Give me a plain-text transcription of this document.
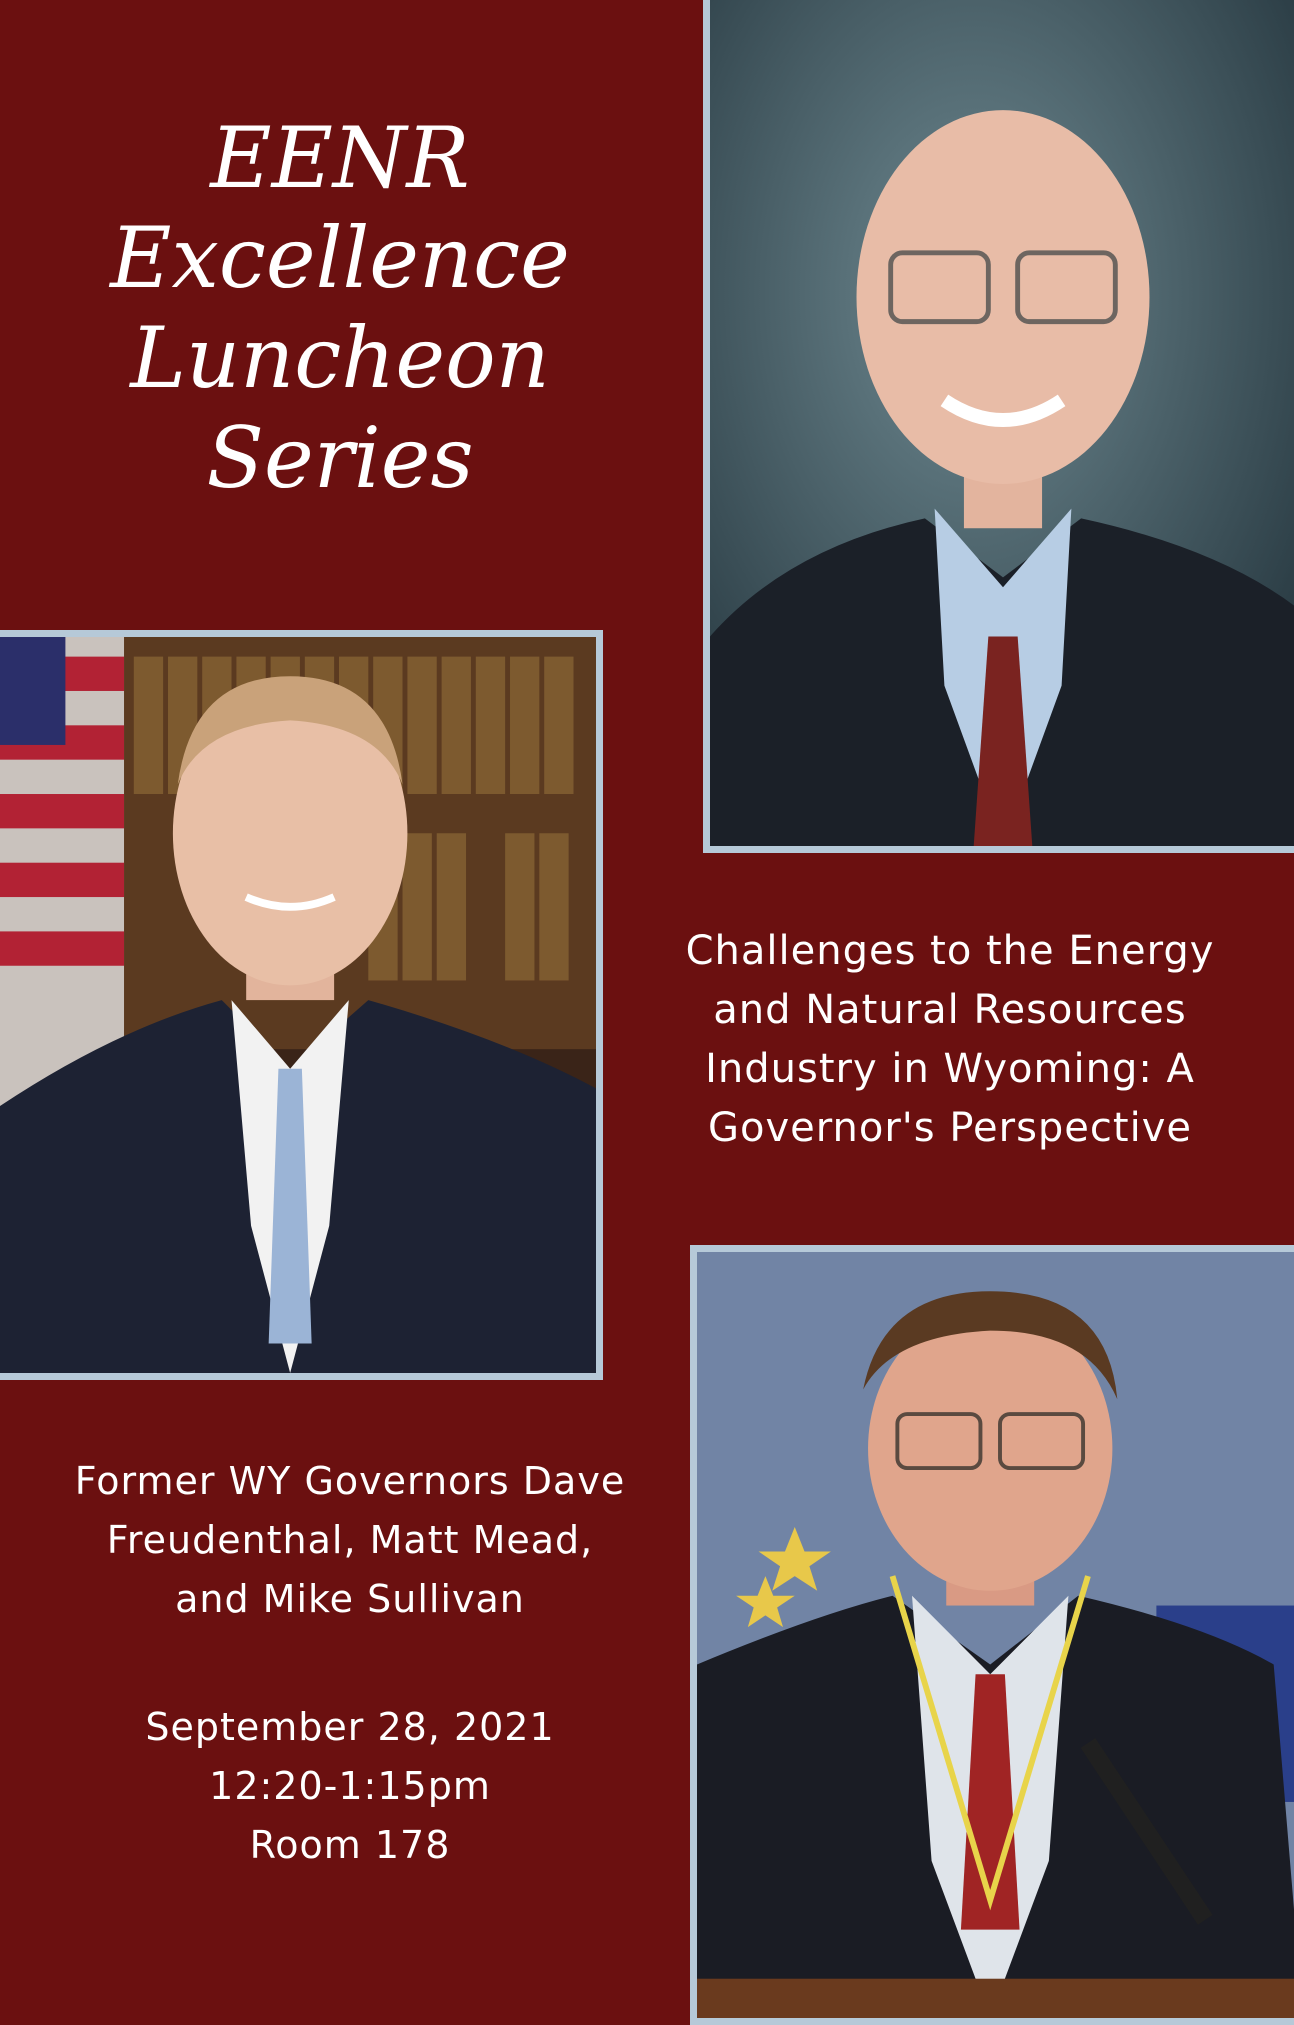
EENR
Excellence
Luncheon
Series
Challenges to the Energy
and Natural Resources
Industry in Wyoming: A
Governor's Perspective
Former WY Governors Dave
Freudenthal, Matt Mead,
and Mike Sullivan
September 28, 2021
12:20-1:15pm
Room 178
